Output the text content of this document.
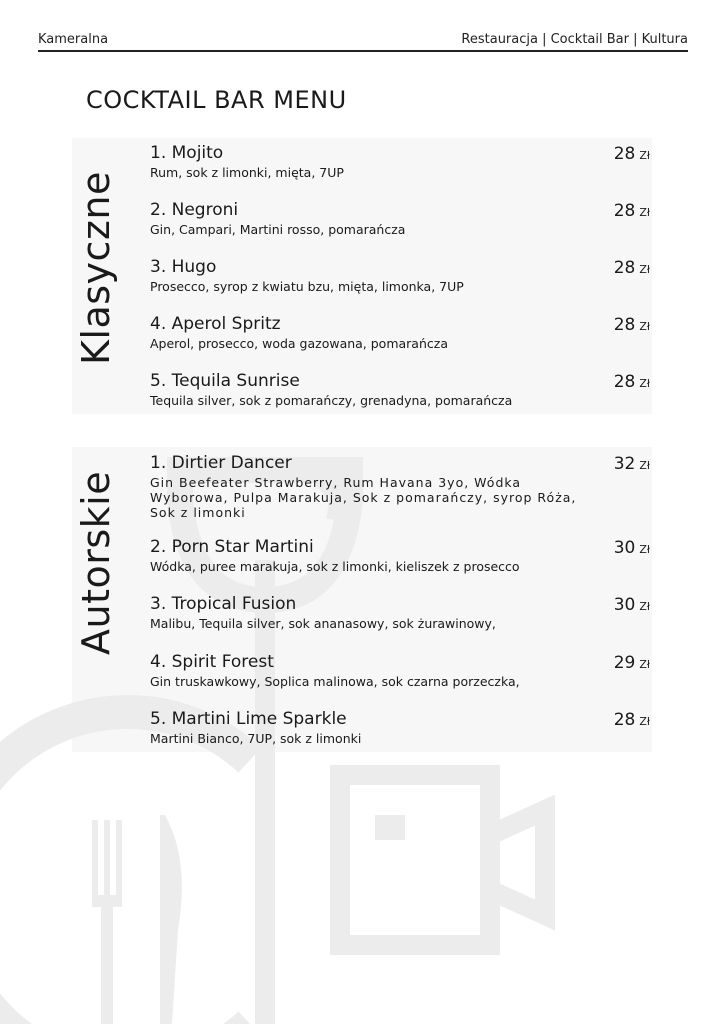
Kameralna	Restauracja | Cocktail Bar | Kultura
COCKTAIL BAR MENU
Klasyczne
Autorskie
1. Mojito
Rum, sok z limonki, mięta, 7UP
28 Zł
2. Negroni
Gin, Campari, Martini rosso, pomarańcza
28 Zł
3. Hugo
Prosecco, syrop z kwiatu bzu, mięta, limonka, 7UP
28 Zł
4. Aperol Spritz
Aperol, prosecco, woda gazowana, pomarańcza
28 Zł
5. Tequila Sunrise
Tequila silver, sok z pomarańczy, grenadyna, pomarańcza
28 Zł
1. Dirtier Dancer
Gin Beefeater Strawberry, Rum Havana 3yo, Wódka Wyborowa, Pulpa Marakuja, Sok z pomarańczy, syrop Róża, Sok z limonki
32 Zł
2. Porn Star Martini
Wódka, puree marakuja, sok z limonki, kieliszek z prosecco
30 Zł
3. Tropical Fusion
Malibu, Tequila silver, sok ananasowy, sok żurawinowy,
30 Zł
4. Spirit Forest
Gin truskawkowy, Soplica malinowa, sok czarna porzeczka,
29 Zł
5. Martini Lime Sparkle
Martini Bianco, 7UP, sok z limonki
28 Zł
